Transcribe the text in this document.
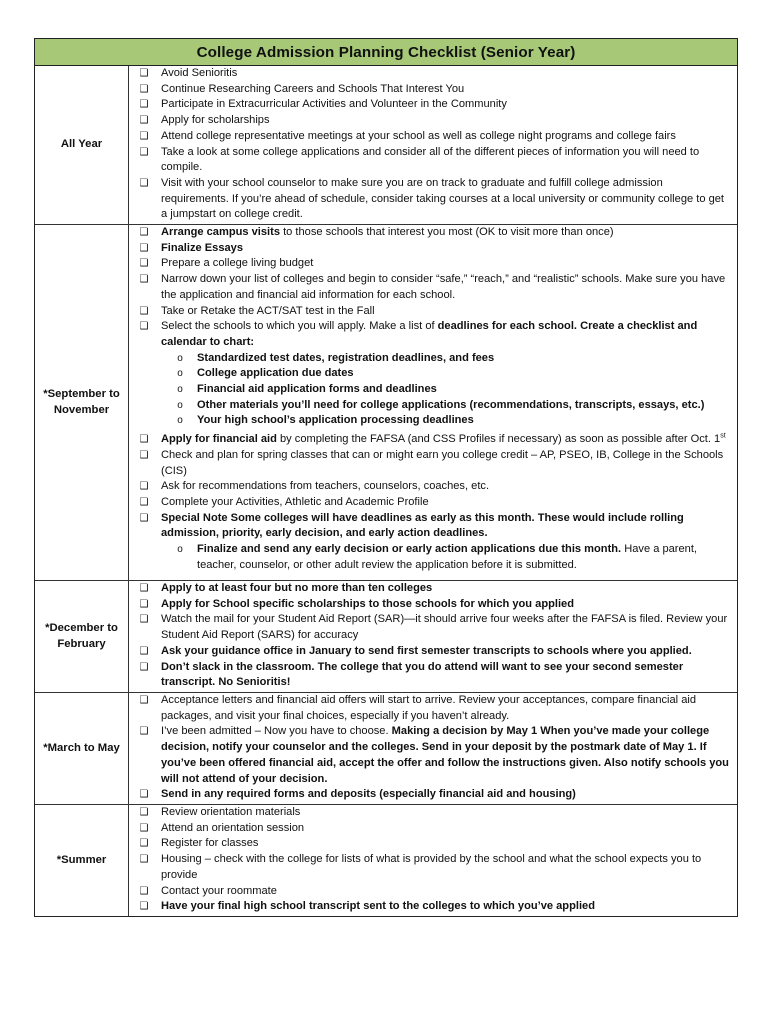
College Admission Planning Checklist (Senior Year)
All Year
❑ Avoid Senioritis
❑ Continue Researching Careers and Schools That Interest You
❑ Participate in Extracurricular Activities and Volunteer in the Community
❑ Apply for scholarships
❑ Attend college representative meetings at your school as well as college night programs and college fairs
❑ Take a look at some college applications and consider all of the different pieces of information you will need to compile.
❑ Visit with your school counselor to make sure you are on track to graduate and fulfill college admission requirements. If you’re ahead of schedule, consider taking courses at a local university or community college to get a jumpstart on college credit.
*September to
November
❑ Arrange campus visits to those schools that interest you most (OK to visit more than once)
❑ Finalize Essays
❑ Prepare a college living budget
❑ Narrow down your list of colleges and begin to consider “safe,” “reach,” and “realistic” schools. Make sure you have the application and financial aid information for each school.
❑ Take or Retake the ACT/SAT test in the Fall
❑ Select the schools to which you will apply. Make a list of deadlines for each school. Create a checklist and calendar to chart:
o	Standardized test dates, registration deadlines, and fees
o	College application due dates
o	Financial aid application forms and deadlines
o	Other materials you’ll need for college applications (recommendations, transcripts, essays, etc.)
o	Your high school’s application processing deadlines
❑ Apply for financial aid by completing the FAFSA (and CSS Profiles if necessary) as soon as possible after Oct. 1st
❑ Check and plan for spring classes that can or might earn you college credit – AP, PSEO, IB, College in the Schools (CIS)
❑ Ask for recommendations from teachers, counselors, coaches, etc.
❑ Complete your Activities, Athletic and Academic Profile
❑ Special Note Some colleges will have deadlines as early as this month. These would include rolling admission, priority, early decision, and early action deadlines.
o	Finalize and send any early decision or early action applications due this month. Have a parent, teacher, counselor, or other adult review the application before it is submitted.
*December to
February
❑ Apply to at least four but no more than ten colleges
❑ Apply for School specific scholarships to those schools for which you applied
❑ Watch the mail for your Student Aid Report (SAR)—it should arrive four weeks after the FAFSA is filed. Review your Student Aid Report (SARS) for accuracy
❑ Ask your guidance office in January to send first semester transcripts to schools where you applied.
❑ Don’t slack in the classroom. The college that you do attend will want to see your second semester transcript. No Senioritis!
*March to May
❑ Acceptance letters and financial aid offers will start to arrive. Review your acceptances, compare financial aid packages, and visit your final choices, especially if you haven’t already.
❑ I’ve been admitted – Now you have to choose. Making a decision by May 1 When you’ve made your college decision, notify your counselor and the colleges. Send in your deposit by the postmark date of May 1. If you’ve been offered financial aid, accept the offer and follow the instructions given. Also notify schools you will not attend of your decision.
❑ Send in any required forms and deposits (especially financial aid and housing)
*Summer
❑ Review orientation materials
❑ Attend an orientation session
❑ Register for classes
❑ Housing – check with the college for lists of what is provided by the school and what the school expects you to provide
❑ Contact your roommate
❑ Have your final high school transcript sent to the colleges to which you’ve applied
